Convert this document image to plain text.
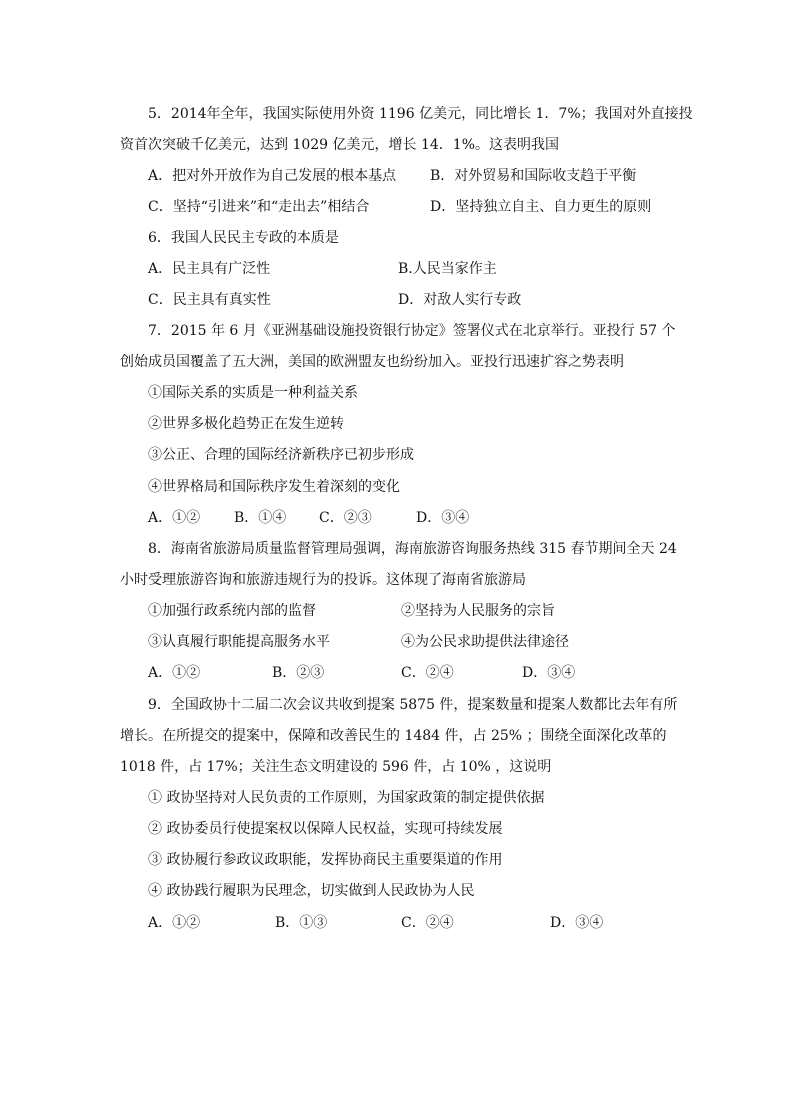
5．2014年全年，我国实际使用外资 1196 亿美元，同比增长 1．7%；我国对外直接投
资首次突破千亿美元，达到 1029 亿美元，增长 14．1%。这表明我国
A．把对外开放作为自己发展的根本基点 B．对外贸易和国际收支趋于平衡
C．坚持“引进来”和“走出去”相结合	D．坚持独立自主、自力更生的原则
6．我国人民民主专政的本质是
A．民主具有广泛性	B.人民当家作主
C．民主具有真实性	D．对敌人实行专政
7．2015 年 6 月《亚洲基础设施投资银行协定》签署仪式在北京举行。亚投行 57 个
创始成员国覆盖了五大洲，美国的欧洲盟友也纷纷加入。亚投行迅速扩容之势表明
①国际关系的实质是一种利益关系
②世界多极化趋势正在发生逆转
③公正、合理的国际经济新秩序已初步形成
④世界格局和国际秩序发生着深刻的变化
A．①② B．①④ C．②③	D．③④
8．海南省旅游局质量监督管理局强调，海南旅游咨询服务热线 315 春节期间全天 24
小时受理旅游咨询和旅游违规行为的投诉。这体现了海南省旅游局
①加强行政系统内部的监督	②坚持为人民服务的宗旨
③认真履行职能提高服务水平	④为公民求助提供法律途径
A．①②	B．②③	C．②④	D．③④
9．全国政协十二届二次会议共收到提案 5875 件，提案数量和提案人数都比去年有所
增长。在所提交的提案中，保障和改善民生的 1484 件，占 25% ；围绕全面深化改革的
1018 件，占 17%；关注生态文明建设的 596 件，占 10% ，这说明
① 政协坚持对人民负责的工作原则，为国家政策的制定提供依据
② 政协委员行使提案权以保障人民权益，实现可持续发展
③ 政协履行参政议政职能，发挥协商民主重要渠道的作用
④ 政协践行履职为民理念，切实做到人民政协为人民
A．①②	B．①③	C．②④	D．③④
